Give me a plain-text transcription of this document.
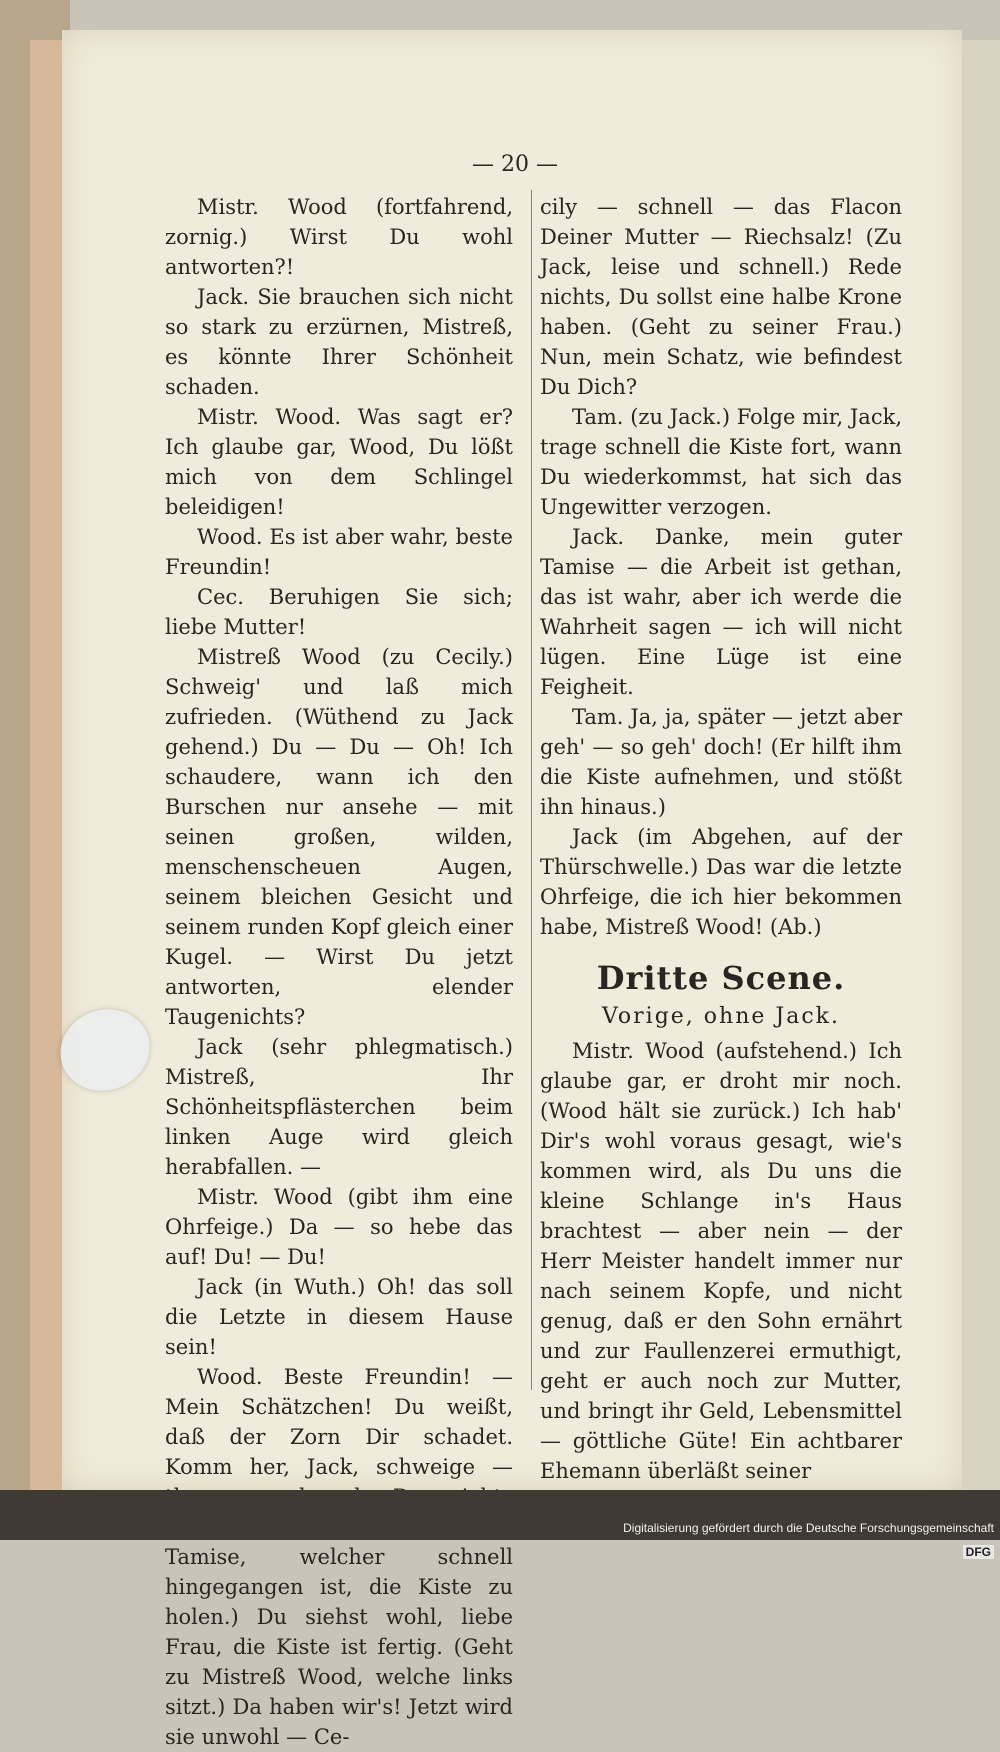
— 20 —

Mistr. Wood (fortfahrend, zornig.) Wirst Du wohl antworten?!

Jack. Sie brauchen sich nicht so stark zu erzürnen, Mistreß, es könnte Ihrer Schönheit schaden.

Mistr. Wood. Was sagt er? Ich glaube gar, Wood, Du lößt mich von dem Schlingel beleidigen!

Wood. Es ist aber wahr, beste Freundin!

Cec. Beruhigen Sie sich; liebe Mutter!

Mistreß Wood (zu Cecily.) Schweig' und laß mich zufrieden. (Wüthend zu Jack gehend.) Du — Du — Oh! Ich schaudere, wann ich den Burschen nur ansehe — mit seinen großen, wilden, menschenscheuen Augen, seinem bleichen Gesicht und seinem runden Kopf gleich einer Kugel. — Wirst Du jetzt antworten, elender Taugenichts?

Jack (sehr phlegmatisch.) Mistreß, Ihr Schönheitspflästerchen beim linken Auge wird gleich herabfallen. —

Mistr. Wood (gibt ihm eine Ohrfeige.) Da — so hebe das auf! Du! — Du!

Jack (in Wuth.) Oh! das soll die Letzte in diesem Hause sein!

Wood. Beste Freundin! — Mein Schätzchen! Du weißt, daß der Zorn Dir schadet. Komm her, Jack, schweige — Tamise, welcher schnell hingegangen ist, die Kiste zu holen.) Du siehst wohl, liebe Frau, die Kiste ist fertig. (Geht zu Mistreß Wood, welche links sitzt.) Da haben wir's! Jetzt wird sie unwohl — Ce-

cily — schnell — das Flacon Deiner Mutter — Riechsalz! (Zu Jack, leise und schnell.) Rede nichts, Du sollst eine halbe Krone haben. (Geht zu seiner Frau.) Nun, mein Schatz, wie befindest Du Dich?

Tam. (zu Jack.) Folge mir, Jack, trage schnell die Kiste fort, wann Du wiederkommst, hat sich das Ungewitter verzogen.

Jack. Danke, mein guter Tamise — die Arbeit ist gethan, das ist wahr, aber ich werde die Wahrheit sagen — ich will nicht lügen. Eine Lüge ist eine Feigheit.

Tam. Ja, ja, später — jetzt aber geh' — so geh' doch! (Er hilft ihm die Kiste aufnehmen, und stößt ihn hinaus.)

Jack (im Abgehen, auf der Thürschwelle.) Das war die letzte Ohrfeige, die ich hier bekommen habe, Mistreß Wood! (Ab.)

Dritte Scene.
Vorige, ohne Jack.

Mistr. Wood (aufstehend.) Ich glaube gar, er droht mir noch. (Wood hält sie zurück.) Ich hab' Dir's wohl voraus gesagt, wie's kommen wird, als Du uns die kleine Schlange in's Haus brachtest — aber nein — der Herr Meister handelt immer nur nach seinem Kopfe, und nicht genug, daß er den Sohn ernährt und zur Faullenzerei ermuthigt, geht er auch noch zur Mutter, und bringt ihr Geld, Lebensmittel — göttliche Güte! Ein achtbarer Ehemann überläßt seiner

Digitalisierung gefördert durch die Deutsche Forschungsgemeinschaft DFG
